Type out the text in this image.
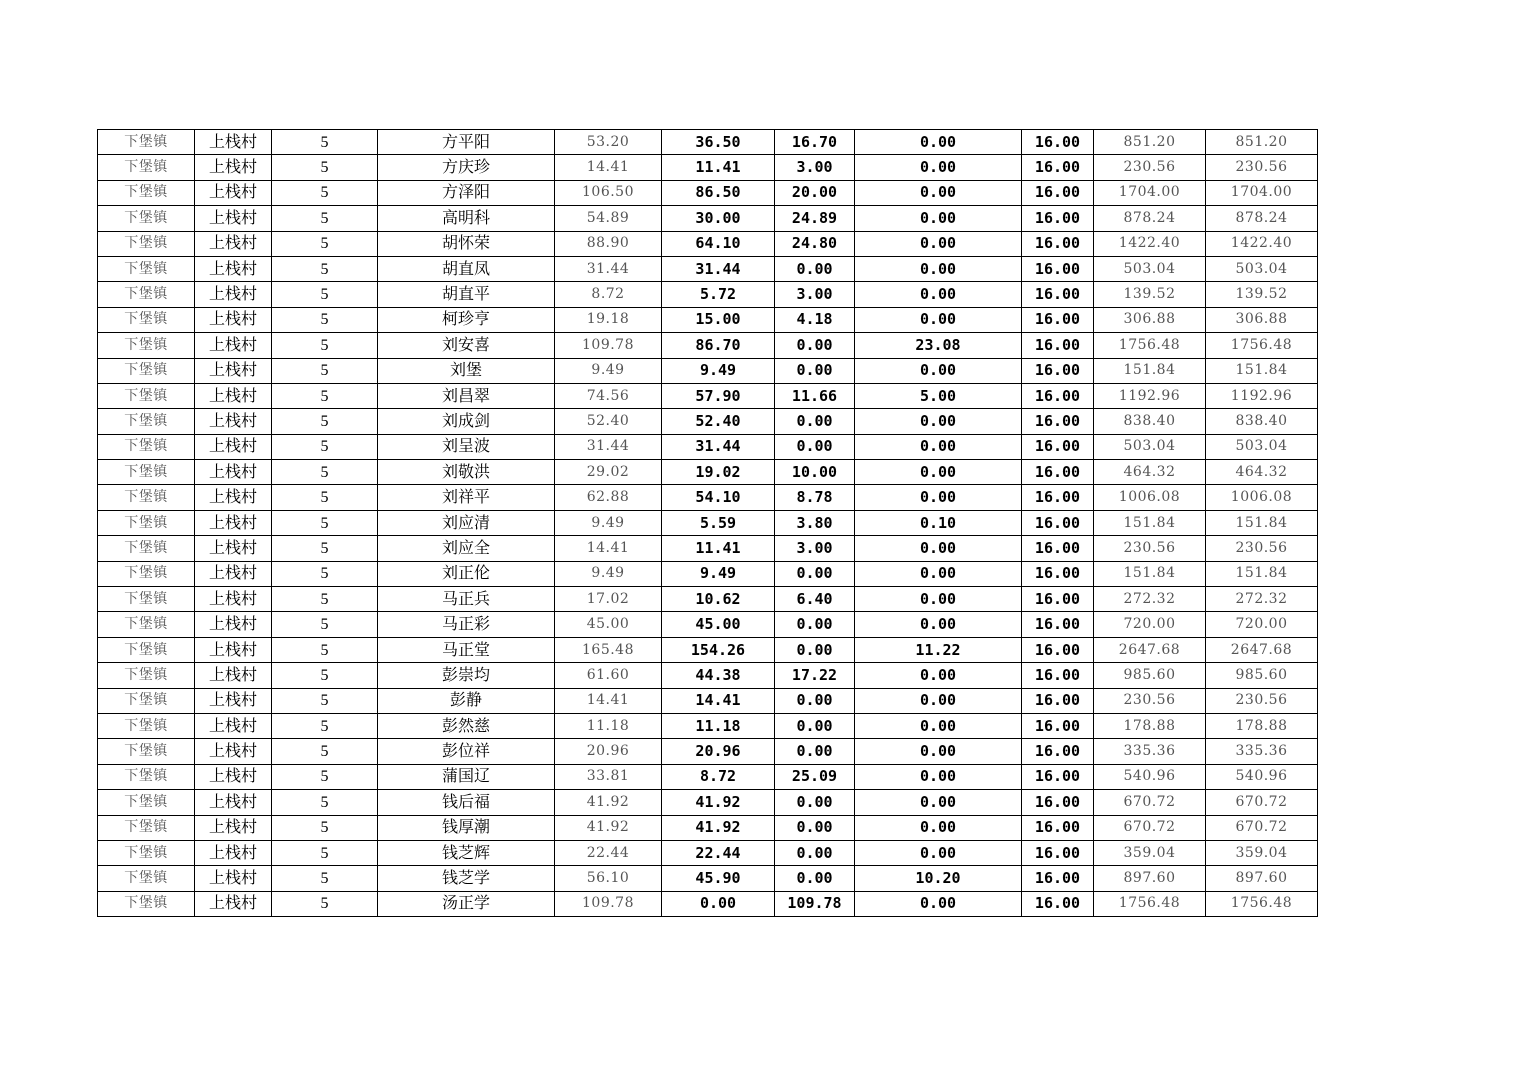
下堡镇	上栈村	5	方平阳	53.20	36.50	16.70	0.00	16.00	851.20	851.20
下堡镇	上栈村	5	方庆珍	14.41	11.41	3.00	0.00	16.00	230.56	230.56
下堡镇	上栈村	5	方泽阳	106.50	86.50	20.00	0.00	16.00	1704.00	1704.00
下堡镇	上栈村	5	高明科	54.89	30.00	24.89	0.00	16.00	878.24	878.24
下堡镇	上栈村	5	胡怀荣	88.90	64.10	24.80	0.00	16.00	1422.40	1422.40
下堡镇	上栈村	5	胡直凤	31.44	31.44	0.00	0.00	16.00	503.04	503.04
下堡镇	上栈村	5	胡直平	8.72	5.72	3.00	0.00	16.00	139.52	139.52
下堡镇	上栈村	5	柯珍亨	19.18	15.00	4.18	0.00	16.00	306.88	306.88
下堡镇	上栈村	5	刘安喜	109.78	86.70	0.00	23.08	16.00	1756.48	1756.48
下堡镇	上栈村	5	刘堡	9.49	9.49	0.00	0.00	16.00	151.84	151.84
下堡镇	上栈村	5	刘昌翠	74.56	57.90	11.66	5.00	16.00	1192.96	1192.96
下堡镇	上栈村	5	刘成剑	52.40	52.40	0.00	0.00	16.00	838.40	838.40
下堡镇	上栈村	5	刘呈波	31.44	31.44	0.00	0.00	16.00	503.04	503.04
下堡镇	上栈村	5	刘敬洪	29.02	19.02	10.00	0.00	16.00	464.32	464.32
下堡镇	上栈村	5	刘祥平	62.88	54.10	8.78	0.00	16.00	1006.08	1006.08
下堡镇	上栈村	5	刘应清	9.49	5.59	3.80	0.10	16.00	151.84	151.84
下堡镇	上栈村	5	刘应全	14.41	11.41	3.00	0.00	16.00	230.56	230.56
下堡镇	上栈村	5	刘正伦	9.49	9.49	0.00	0.00	16.00	151.84	151.84
下堡镇	上栈村	5	马正兵	17.02	10.62	6.40	0.00	16.00	272.32	272.32
下堡镇	上栈村	5	马正彩	45.00	45.00	0.00	0.00	16.00	720.00	720.00
下堡镇	上栈村	5	马正堂	165.48	154.26	0.00	11.22	16.00	2647.68	2647.68
下堡镇	上栈村	5	彭崇均	61.60	44.38	17.22	0.00	16.00	985.60	985.60
下堡镇	上栈村	5	彭静	14.41	14.41	0.00	0.00	16.00	230.56	230.56
下堡镇	上栈村	5	彭然慈	11.18	11.18	0.00	0.00	16.00	178.88	178.88
下堡镇	上栈村	5	彭位祥	20.96	20.96	0.00	0.00	16.00	335.36	335.36
下堡镇	上栈村	5	蒲国辽	33.81	8.72	25.09	0.00	16.00	540.96	540.96
下堡镇	上栈村	5	钱后福	41.92	41.92	0.00	0.00	16.00	670.72	670.72
下堡镇	上栈村	5	钱厚潮	41.92	41.92	0.00	0.00	16.00	670.72	670.72
下堡镇	上栈村	5	钱芝辉	22.44	22.44	0.00	0.00	16.00	359.04	359.04
下堡镇	上栈村	5	钱芝学	56.10	45.90	0.00	10.20	16.00	897.60	897.60
下堡镇	上栈村	5	汤正学	109.78	0.00	109.78	0.00	16.00	1756.48	1756.48
